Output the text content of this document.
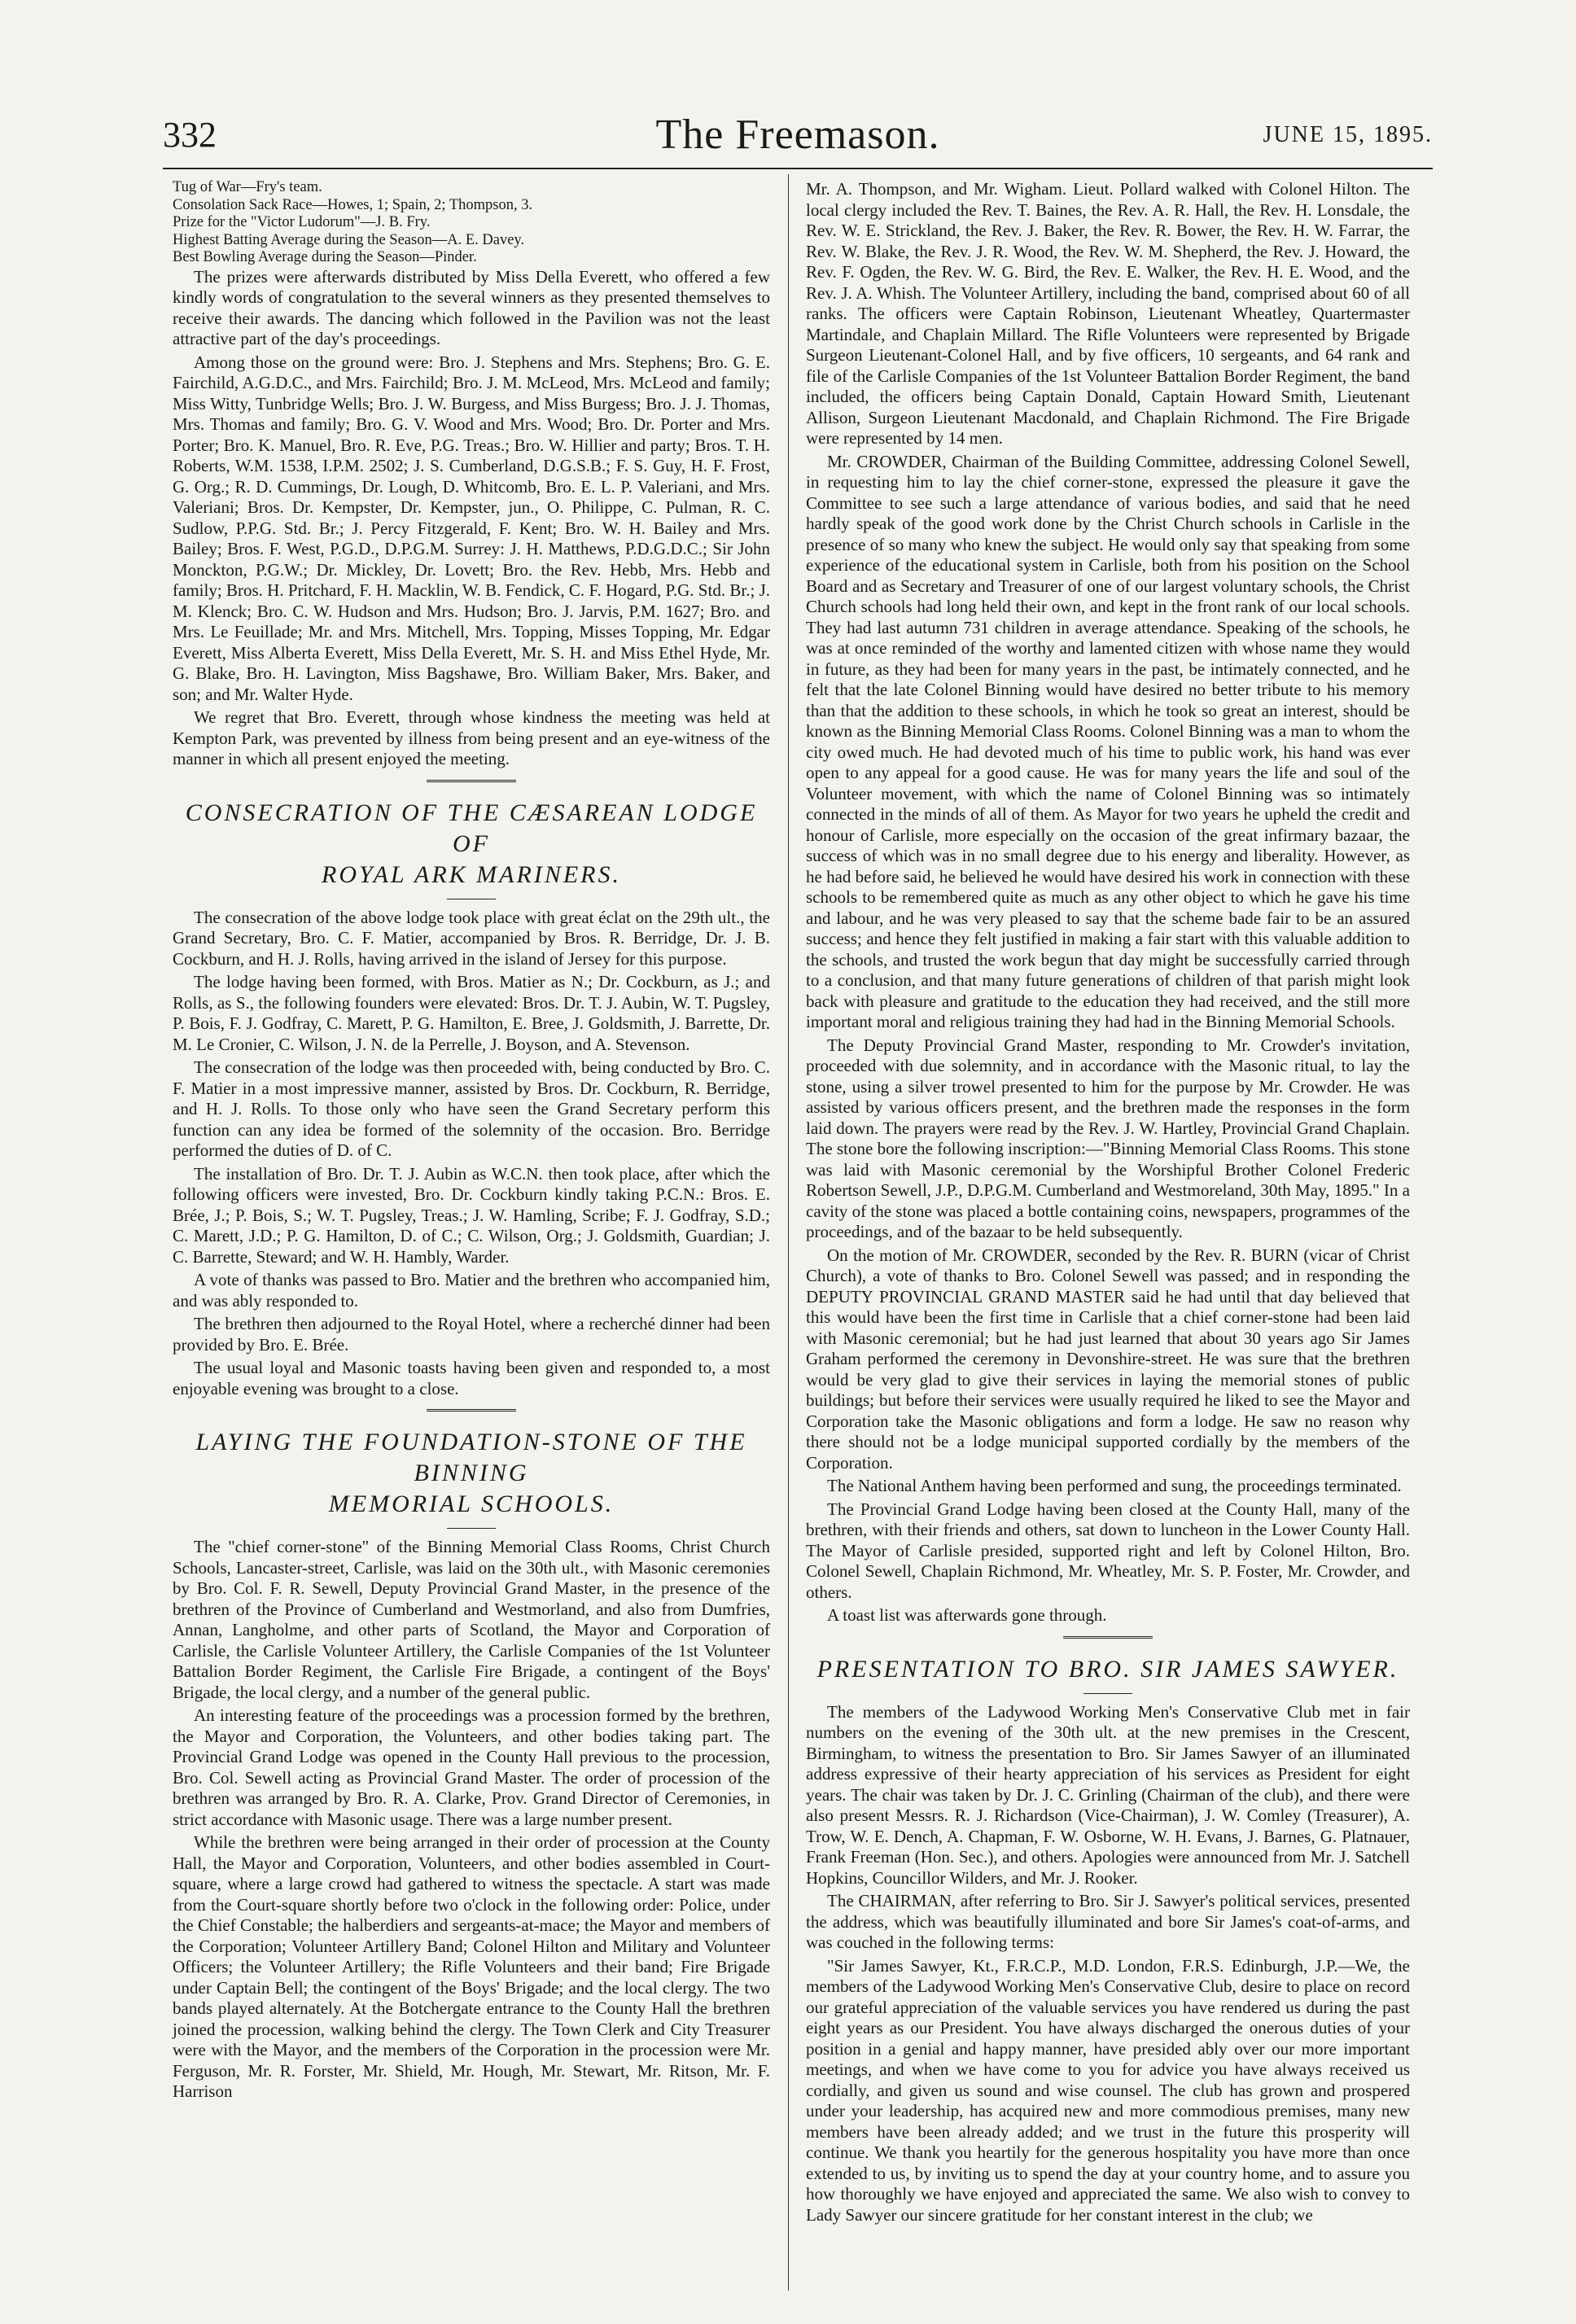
332	The Freemason.	JUNE 15, 1895.

Tug of War—Fry's team.

Consolation Sack Race—Howes, 1; Spain, 2; Thompson, 3.

Prize for the "Victor Ludorum"—J. B. Fry.

Highest Batting Average during the Season—A. E. Davey.

Best Bowling Average during the Season—Pinder.

The prizes were afterwards distributed by Miss Della Everett, who offered a few kindly words of congratulation to the several winners as they presented themselves to receive their awards. The dancing which followed in the Pavilion was not the least attractive part of the day's proceedings.

Among those on the ground were: Bro. J. Stephens and Mrs. Stephens; Bro. G. E. Fairchild, A.G.D.C., and Mrs. Fairchild; Bro. J. M. McLeod, Mrs. McLeod and family; Miss Witty, Tunbridge Wells; Bro. J. W. Burgess, and Miss Burgess; Bro. J. J. Thomas, Mrs. Thomas and family; Bro. G. V. Wood and Mrs. Wood; Bro. Dr. Porter and Mrs. Porter; Bro. K. Manuel, Bro. R. Eve, P.G. Treas.; Bro. W. Hillier and party; Bros. T. H. Roberts, W.M. 1538, I.P.M. 2502; J. S. Cumberland, D.G.S.B.; F. S. Guy, H. F. Frost, G. Org.; R. D. Cummings, Dr. Lough, D. Whitcomb, Bro. E. L. P. Valeriani, and Mrs. Valeriani; Bros. Dr. Kempster, Dr. Kempster, jun., O. Philippe, C. Pulman, R. C. Sudlow, P.P.G. Std. Br.; J. Percy Fitzgerald, F. Kent; Bro. W. H. Bailey and Mrs. Bailey; Bros. F. West, P.G.D., D.P.G.M. Surrey: J. H. Matthews, P.D.G.D.C.; Sir John Monckton, P.G.W.; Dr. Mickley, Dr. Lovett; Bro. the Rev. Hebb, Mrs. Hebb and family; Bros. H. Pritchard, F. H. Macklin, W. B. Fendick, C. F. Hogard, P.G. Std. Br.; J. M. Klenck; Bro. C. W. Hudson and Mrs. Hudson; Bro. J. Jarvis, P.M. 1627; Bro. and Mrs. Le Feuillade; Mr. and Mrs. Mitchell, Mrs. Topping, Misses Topping, Mr. Edgar Everett, Miss Alberta Everett, Miss Della Everett, Mr. S. H. and Miss Ethel Hyde, Mr. G. Blake, Bro. H. Lavington, Miss Bagshawe, Bro. William Baker, Mrs. Baker, and son; and Mr. Walter Hyde.

We regret that Bro. Everett, through whose kindness the meeting was held at Kempton Park, was prevented by illness from being present and an eye-witness of the manner in which all present enjoyed the meeting.

CONSECRATION OF THE CÆSAREAN LODGE OF
ROYAL ARK MARINERS.

The consecration of the above lodge took place with great éclat on the 29th ult., the Grand Secretary, Bro. C. F. Matier, accompanied by Bros. R. Berridge, Dr. J. B. Cockburn, and H. J. Rolls, having arrived in the island of Jersey for this purpose.

The lodge having been formed, with Bros. Matier as N.; Dr. Cockburn, as J.; and Rolls, as S., the following founders were elevated: Bros. Dr. T. J. Aubin, W. T. Pugsley, P. Bois, F. J. Godfray, C. Marett, P. G. Hamilton, E. Bree, J. Goldsmith, J. Barrette, Dr. M. Le Cronier, C. Wilson, J. N. de la Perrelle, J. Boyson, and A. Stevenson.

The consecration of the lodge was then proceeded with, being conducted by Bro. C. F. Matier in a most impressive manner, assisted by Bros. Dr. Cockburn, R. Berridge, and H. J. Rolls. To those only who have seen the Grand Secretary perform this function can any idea be formed of the solemnity of the occasion. Bro. Berridge performed the duties of D. of C.

The installation of Bro. Dr. T. J. Aubin as W.C.N. then took place, after which the following officers were invested, Bro. Dr. Cockburn kindly taking P.C.N.: Bros. E. Brée, J.; P. Bois, S.; W. T. Pugsley, Treas.; J. W. Hamling, Scribe; F. J. Godfray, S.D.; C. Marett, J.D.; P. G. Hamilton, D. of C.; C. Wilson, Org.; J. Goldsmith, Guardian; J. C. Barrette, Steward; and W. H. Hambly, Warder.

A vote of thanks was passed to Bro. Matier and the brethren who accompanied him, and was ably responded to.

The brethren then adjourned to the Royal Hotel, where a recherché dinner had been provided by Bro. E. Brée.

The usual loyal and Masonic toasts having been given and responded to, a most enjoyable evening was brought to a close.

LAYING THE FOUNDATION-STONE OF THE BINNING
MEMORIAL SCHOOLS.

The "chief corner-stone" of the Binning Memorial Class Rooms, Christ Church Schools, Lancaster-street, Carlisle, was laid on the 30th ult., with Masonic ceremonies by Bro. Col. F. R. Sewell, Deputy Provincial Grand Master, in the presence of the brethren of the Province of Cumberland and Westmorland, and also from Dumfries, Annan, Langholme, and other parts of Scotland, the Mayor and Corporation of Carlisle, the Carlisle Volunteer Artillery, the Carlisle Companies of the 1st Volunteer Battalion Border Regiment, the Carlisle Fire Brigade, a contingent of the Boys' Brigade, the local clergy, and a number of the general public.

An interesting feature of the proceedings was a procession formed by the brethren, the Mayor and Corporation, the Volunteers, and other bodies taking part. The Provincial Grand Lodge was opened in the County Hall previous to the procession, Bro. Col. Sewell acting as Provincial Grand Master. The order of procession of the brethren was arranged by Bro. R. A. Clarke, Prov. Grand Director of Ceremonies, in strict accordance with Masonic usage. There was a large number present.

While the brethren were being arranged in their order of procession at the County Hall, the Mayor and Corporation, Volunteers, and other bodies assembled in Court-square, where a large crowd had gathered to witness the spectacle. A start was made from the Court-square shortly before two o'clock in the following order: Police, under the Chief Constable; the halberdiers and sergeants-at-mace; the Mayor and members of the Corporation; Volunteer Artillery Band; Colonel Hilton and Military and Volunteer Officers; the Volunteer Artillery; the Rifle Volunteers and their band; Fire Brigade under Captain Bell; the contingent of the Boys' Brigade; and the local clergy. The two bands played alternately. At the Botchergate entrance to the County Hall the brethren joined the procession, walking behind the clergy. The Town Clerk and City Treasurer were with the Mayor, and the members of the Corporation in the procession were Mr. Ferguson, Mr. R. Forster, Mr. Shield, Mr. Hough, Mr. Stewart, Mr. Ritson, Mr. F. Harrison

Mr. A. Thompson, and Mr. Wigham. Lieut. Pollard walked with Colonel Hilton. The local clergy included the Rev. T. Baines, the Rev. A. R. Hall, the Rev. H. Lonsdale, the Rev. W. E. Strickland, the Rev. J. Baker, the Rev. R. Bower, the Rev. H. W. Farrar, the Rev. W. Blake, the Rev. J. R. Wood, the Rev. W. M. Shepherd, the Rev. J. Howard, the Rev. F. Ogden, the Rev. W. G. Bird, the Rev. E. Walker, the Rev. H. E. Wood, and the Rev. J. A. Whish. The Volunteer Artillery, including the band, comprised about 60 of all ranks. The officers were Captain Robinson, Lieutenant Wheatley, Quartermaster Martindale, and Chaplain Millard. The Rifle Volunteers were represented by Brigade Surgeon Lieutenant-Colonel Hall, and by five officers, 10 sergeants, and 64 rank and file of the Carlisle Companies of the 1st Volunteer Battalion Border Regiment, the band included, the officers being Captain Donald, Captain Howard Smith, Lieutenant Allison, Surgeon Lieutenant Macdonald, and Chaplain Richmond. The Fire Brigade were represented by 14 men.

Mr. CROWDER, Chairman of the Building Committee, addressing Colonel Sewell, in requesting him to lay the chief corner-stone, expressed the pleasure it gave the Committee to see such a large attendance of various bodies, and said that he need hardly speak of the good work done by the Christ Church schools in Carlisle in the presence of so many who knew the subject. He would only say that speaking from some experience of the educational system in Carlisle, both from his position on the School Board and as Secretary and Treasurer of one of our largest voluntary schools, the Christ Church schools had long held their own, and kept in the front rank of our local schools. They had last autumn 731 children in average attendance. Speaking of the schools, he was at once reminded of the worthy and lamented citizen with whose name they would in future, as they had been for many years in the past, be intimately connected, and he felt that the late Colonel Binning would have desired no better tribute to his memory than that the addition to these schools, in which he took so great an interest, should be known as the Binning Memorial Class Rooms. Colonel Binning was a man to whom the city owed much. He had devoted much of his time to public work, his hand was ever open to any appeal for a good cause. He was for many years the life and soul of the Volunteer movement, with which the name of Colonel Binning was so intimately connected in the minds of all of them. As Mayor for two years he upheld the credit and honour of Carlisle, more especially on the occasion of the great infirmary bazaar, the success of which was in no small degree due to his energy and liberality. However, as he had before said, he believed he would have desired his work in connection with these schools to be remembered quite as much as any other object to which he gave his time and labour, and he was very pleased to say that the scheme bade fair to be an assured success; and hence they felt justified in making a fair start with this valuable addition to the schools, and trusted the work begun that day might be successfully carried through to a conclusion, and that many future generations of children of that parish might look back with pleasure and gratitude to the education they had received, and the still more important moral and religious training they had had in the Binning Memorial Schools.

The Deputy Provincial Grand Master, responding to Mr. Crowder's invitation, proceeded with due solemnity, and in accordance with the Masonic ritual, to lay the stone, using a silver trowel presented to him for the purpose by Mr. Crowder. He was assisted by various officers present, and the brethren made the responses in the form laid down. The prayers were read by the Rev. J. W. Hartley, Provincial Grand Chaplain. The stone bore the following inscription:—"Binning Memorial Class Rooms. This stone was laid with Masonic ceremonial by the Worshipful Brother Colonel Frederic Robertson Sewell, J.P., D.P.G.M. Cumberland and Westmoreland, 30th May, 1895." In a cavity of the stone was placed a bottle containing coins, newspapers, programmes of the proceedings, and of the bazaar to be held subsequently.

On the motion of Mr. CROWDER, seconded by the Rev. R. BURN (vicar of Christ Church), a vote of thanks to Bro. Colonel Sewell was passed; and in responding the DEPUTY PROVINCIAL GRAND MASTER said he had until that day believed that this would have been the first time in Carlisle that a chief corner-stone had been laid with Masonic ceremonial; but he had just learned that about 30 years ago Sir James Graham performed the ceremony in Devonshire-street. He was sure that the brethren would be very glad to give their services in laying the memorial stones of public buildings; but before their services were usually required he liked to see the Mayor and Corporation take the Masonic obligations and form a lodge. He saw no reason why there should not be a lodge municipal supported cordially by the members of the Corporation.

The National Anthem having been performed and sung, the proceedings terminated.

The Provincial Grand Lodge having been closed at the County Hall, many of the brethren, with their friends and others, sat down to luncheon in the Lower County Hall. The Mayor of Carlisle presided, supported right and left by Colonel Hilton, Bro. Colonel Sewell, Chaplain Richmond, Mr. Wheatley, Mr. S. P. Foster, Mr. Crowder, and others.

A toast list was afterwards gone through.

PRESENTATION TO BRO. SIR JAMES SAWYER.

The members of the Ladywood Working Men's Conservative Club met in fair numbers on the evening of the 30th ult. at the new premises in the Crescent, Birmingham, to witness the presentation to Bro. Sir James Sawyer of an illuminated address expressive of their hearty appreciation of his services as President for eight years. The chair was taken by Dr. J. C. Grinling (Chairman of the club), and there were also present Messrs. R. J. Richardson (Vice-Chairman), J. W. Comley (Treasurer), A. Trow, W. E. Dench, A. Chapman, F. W. Osborne, W. H. Evans, J. Barnes, G. Platnauer, Frank Freeman (Hon. Sec.), and others. Apologies were announced from Mr. J. Satchell Hopkins, Councillor Wilders, and Mr. J. Rooker.

The CHAIRMAN, after referring to Bro. Sir J. Sawyer's political services, presented the address, which was beautifully illuminated and bore Sir James's coat-of-arms, and was couched in the following terms:

"Sir James Sawyer, Kt., F.R.C.P., M.D. London, F.R.S. Edinburgh, J.P.—We, the members of the Ladywood Working Men's Conservative Club, desire to place on record our grateful appreciation of the valuable services you have rendered us during the past eight years as our President. You have always discharged the onerous duties of your position in a genial and happy manner, have presided ably over our more important meetings, and when we have come to you for advice you have always received us cordially, and given us sound and wise counsel. The club has grown and prospered under your leadership, has acquired new and more commodious premises, many new members have been already added; and we trust in the future this prosperity will continue. We thank you heartily for the generous hospitality you have more than once extended to us, by inviting us to spend the day at your country home, and to assure you how thoroughly we have enjoyed and appreciated the same. We also wish to convey to Lady Sawyer our sincere gratitude for her constant interest in the club; we
